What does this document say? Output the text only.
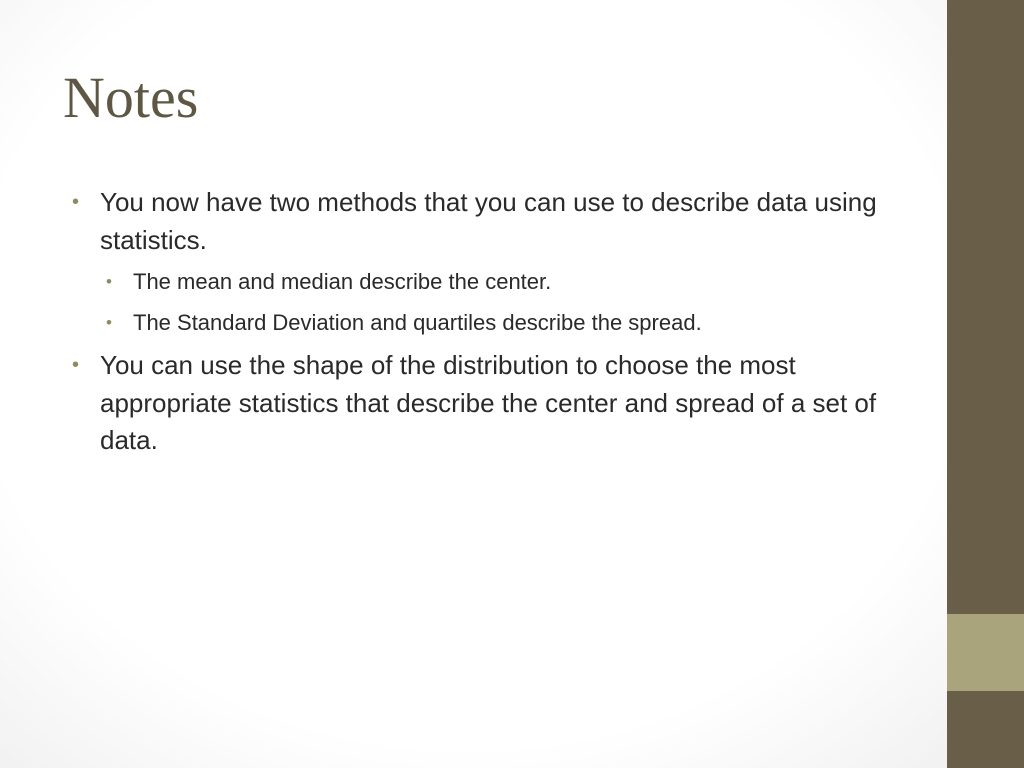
Notes
• You now have two methods that you can use to describe data using statistics.
• The mean and median describe the center.
• The Standard Deviation and quartiles describe the spread.
• You can use the shape of the distribution to choose the most appropriate statistics that describe the center and spread of a set of data.
